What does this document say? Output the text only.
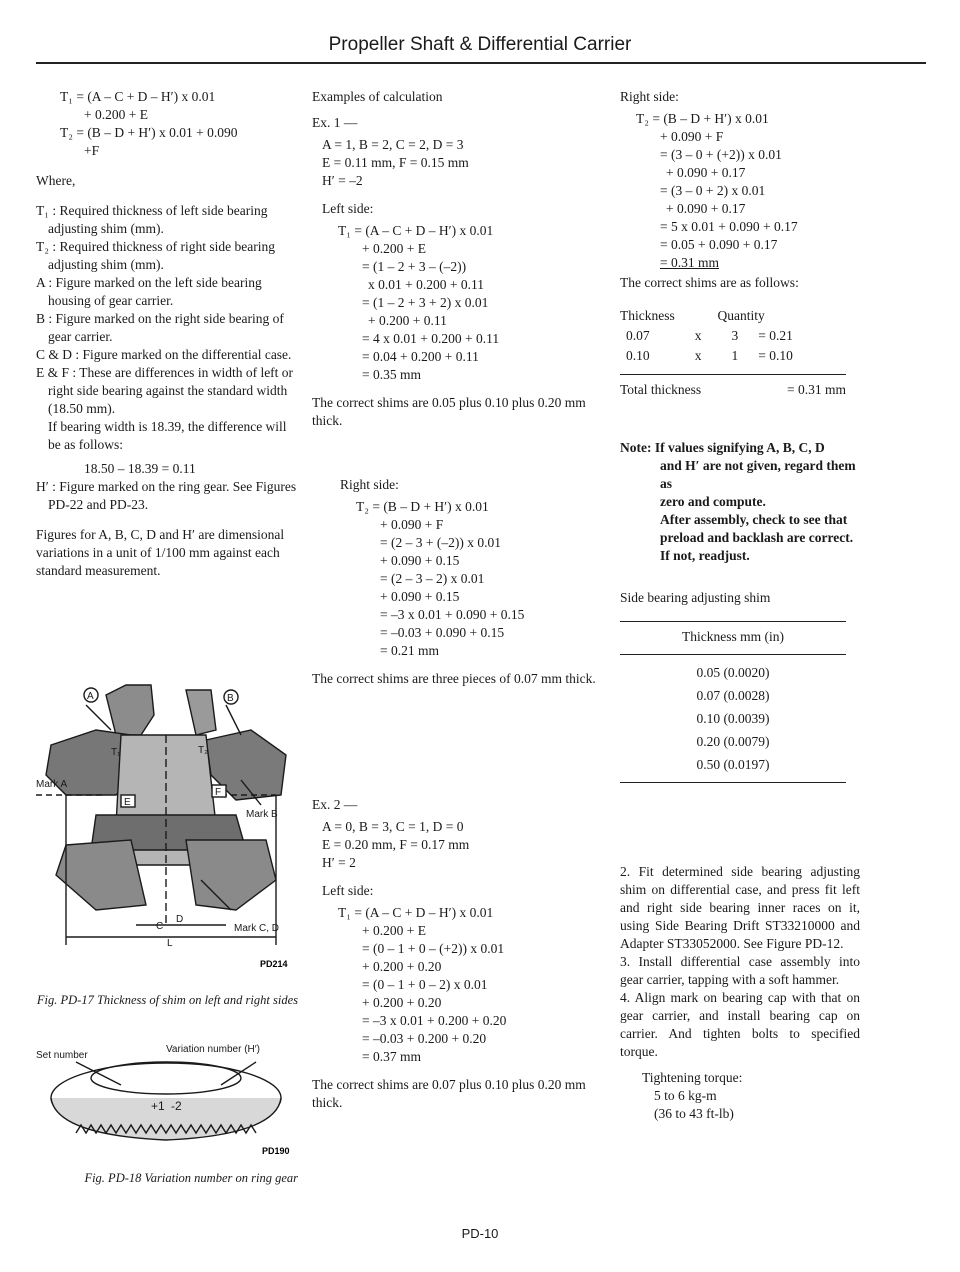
Propeller Shaft & Differential Carrier

T₁ = (A – C + D – H′) x 0.01

+ 0.200 + E

T₂ = (B – D + H′) x 0.01 + 0.090

+F

Where,

T₁ : Required thickness of left side bearing adjusting shim (mm).

T₂ : Required thickness of right side bearing adjusting shim (mm).

A : Figure marked on the left side bearing housing of gear carrier.

B : Figure marked on the right side bearing of gear carrier.

C & D : Figure marked on the differential case.

E & F : These are differences in width of left or right side bearing against the standard width (18.50 mm).

If bearing width is 18.39, the difference will be as follows:

18.50 – 18.39 = 0.11

H′ : Figure marked on the ring gear. See Figures PD-22 and PD-23.

Figures for A, B, C, D and H′ are dimensional variations in a unit of 1/100 mm against each standard measurement.

A	B
T₁	T₂
E
F
Mark A
Mark B
D
C	Mark C, D
L
PD214
Fig. PD-17 Thickness of shim on left and right sides
Set number
Variation number (H′)
+1 -2
PD190
Fig. PD-18 Variation number on ring gear

Examples of calculation

Ex. 1 —

A = 1, B = 2, C = 2, D = 3

E = 0.11 mm, F = 0.15 mm

H′ = –2

Left side:

T₁ = (A – C + D – H′) x 0.01

+ 0.200 + E

= (1 – 2 + 3 – (–2))

x 0.01 + 0.200 + 0.11

= (1 – 2 + 3 + 2) x 0.01

+ 0.200 + 0.11

= 4 x 0.01 + 0.200 + 0.11

= 0.04 + 0.200 + 0.11

= 0.35 mm

The correct shims are 0.05 plus 0.10 plus 0.20 mm thick.

Right side:

T₂ = (B – D + H′) x 0.01

+ 0.090 + F

= (2 – 3 + (–2)) x 0.01

+ 0.090 + 0.15

= (2 – 3 – 2) x 0.01

+ 0.090 + 0.15

= –3 x 0.01 + 0.090 + 0.15

= –0.03 + 0.090 + 0.15

= 0.21 mm

The correct shims are three pieces of 0.07 mm thick.

Ex. 2 —

A = 0, B = 3, C = 1, D = 0

E = 0.20 mm, F = 0.17 mm

H′ = 2

Left side:

T₁ = (A – C + D – H′) x 0.01

+ 0.200 + E

= (0 – 1 + 0 – (+2)) x 0.01

+ 0.200 + 0.20

= (0 – 1 + 0 – 2) x 0.01

+ 0.200 + 0.20

= –3 x 0.01 + 0.200 + 0.20

= –0.03 + 0.200 + 0.20

= 0.37 mm

The correct shims are 0.07 plus 0.10 plus 0.20 mm thick.

Right side:

T₂ = (B – D + H′) x 0.01

+ 0.090 + F

= (3 – 0 + (+2)) x 0.01

+ 0.090 + 0.17

= (3 – 0 + 2) x 0.01

+ 0.090 + 0.17

= 5 x 0.01 + 0.090 + 0.17

= 0.05 + 0.090 + 0.17

= 0.31 mm

The correct shims are as follows:

Thickness		Quantity	
0.07	x	3	= 0.21
0.10	x	1	= 0.10
Total thickness	= 0.31 mm

Note: If values signifying A, B, C, D

and H′ are not given, regard them as

zero and compute.

After assembly, check to see that

preload and backlash are correct.

If not, readjust.

Side bearing adjusting shim

Thickness mm (in)

0.05 (0.0020)

0.07 (0.0028)

0.10 (0.0039)

0.20 (0.0079)

0.50 (0.0197)

2. Fit determined side bearing adjusting shim on differential case, and press fit left and right side bearing inner races on it, using Side Bearing Drift ST33210000 and Adapter ST33052000. See Figure PD-12.

3. Install differential case assembly into gear carrier, tapping with a soft hammer.

4. Align mark on bearing cap with that on gear carrier, and install bearing cap on carrier. And tighten bolts to specified torque.

Tightening torque:

5 to 6 kg-m

(36 to 43 ft-lb)

PD-10
